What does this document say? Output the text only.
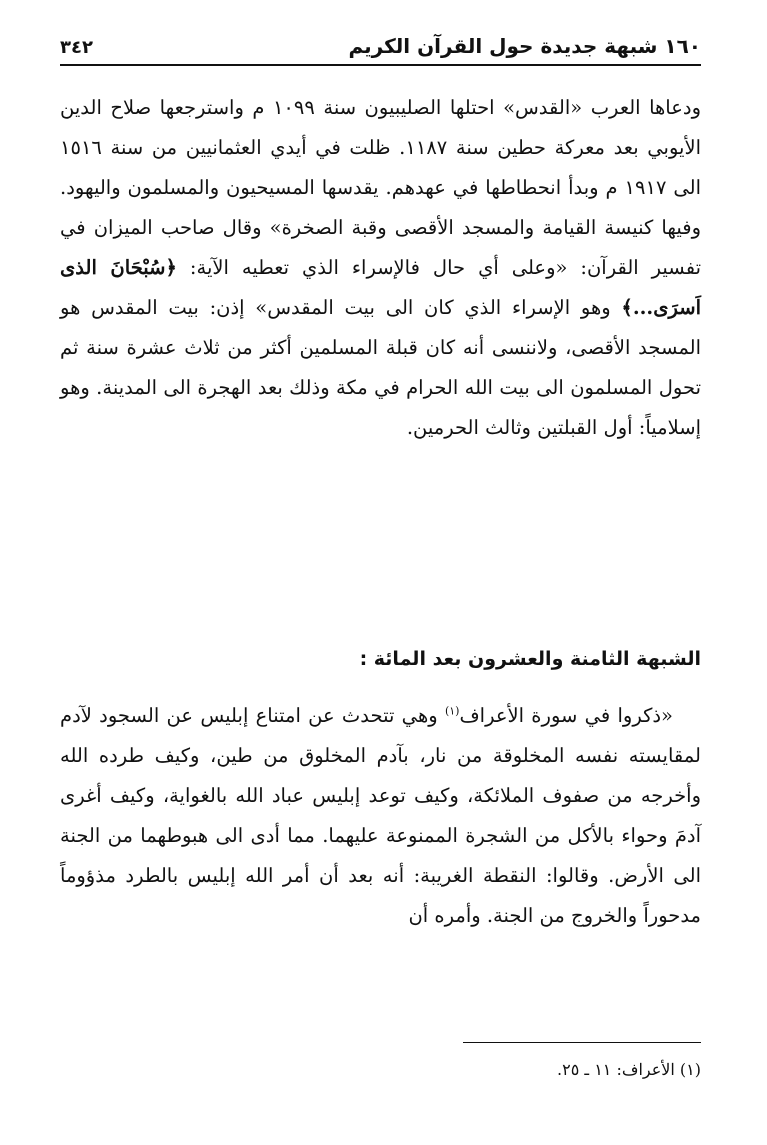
١٦٠ شبهة جديدة حول القرآن الكريم
٣٤٢

ودعاها العرب «القدس» احتلها الصليبيون سنة ١٠٩٩ م واسترجعها صلاح الدين الأيوبي بعد معركة حطين سنة ١١٨٧. ظلت في أيدي العثمانيين من سنة ١٥١٦ الى ١٩١٧ م وبدأ انحطاطها في عهدهم. يقدسها المسيحيون والمسلمون واليهود. وفيها كنيسة القيامة والمسجد الأقصى وقبة الصخرة» وقال صاحب الميزان في تفسير القرآن: «وعلى أي حال فالإسراء الذي تعطيه الآية: ﴿سُبْحَانَ الذى اَسرَى...﴾ وهو الإسراء الذي كان الى بيت المقدس» إذن: بيت المقدس هو المسجد الأقصى، ولاننسى أنه كان قبلة المسلمين أكثر من ثلاث عشرة سنة ثم تحول المسلمون الى بيت الله الحرام في مكة وذلك بعد الهجرة الى المدينة. وهو إسلامياً: أول القبلتين وثالث الحرمين.

الشبهة الثامنة والعشرون بعد المائة :

«ذكروا في سورة الأعراف$^{(١)}$ وهي تتحدث عن امتناع إبليس عن السجود لآدم لمقايسته نفسه المخلوقة من نار، بآدم المخلوق من طين، وكيف طرده الله وأخرجه من صفوف الملائكة، وكيف توعد إبليس عباد الله بالغواية، وكيف أغرى آدمَ وحواء بالأكل من الشجرة الممنوعة عليهما. مما أدى الى هبوطهما من الجنة الى الأرض. وقالوا: النقطة الغريبة: أنه بعد أن أمر الله إبليس بالطرد مذؤوماً مدحوراً والخروج من الجنة. وأمره أن

(١) الأعراف: ١١ ـ ٢٥.
